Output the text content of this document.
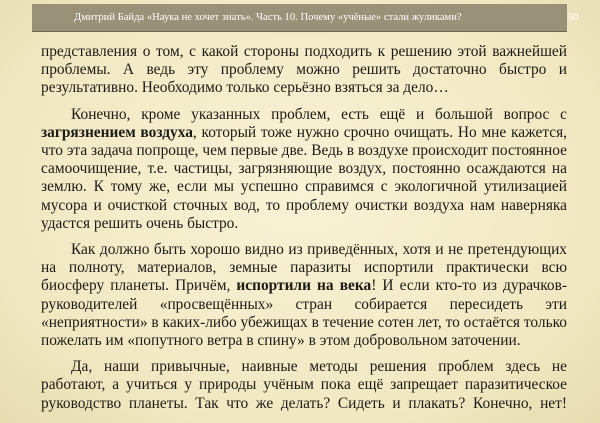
Дмитрий Байда «Наука не хочет знать». Часть 10. Почему «учёные» стали жуликами?	50
представления о том, с какой стороны подходить к решению этой важнейшей
проблемы. А ведь эту проблему можно решить достаточно быстро и
результативно. Необходимо только серьёзно взяться за дело…
Конечно, кроме указанных проблем, есть ещё и большой вопрос с
загрязнением воздуха, который тоже нужно срочно очищать. Но мне кажется,
что эта задача попроще, чем первые две. Ведь в воздухе происходит постоянное
самоочищение, т.е. частицы, загрязняющие воздух, постоянно осаждаются на
землю. К тому же, если мы успешно справимся с экологичной утилизацией
мусора и очисткой сточных вод, то проблему очистки воздуха нам наверняка
удастся решить очень быстро.
Как должно быть хорошо видно из приведённых, хотя и не претендующих
на полноту, материалов, земные паразиты испортили практически всю
биосферу планеты. Причём, испортили на века! И если кто-то из дурачков-
руководителей «просвещённых» стран собирается пересидеть эти
«неприятности» в каких-либо убежищах в течение сотен лет, то остаётся только
пожелать им «попутного ветра в спину» в этом добровольном заточении.
Да, наши привычные, наивные методы решения проблем здесь не
работают, а учиться у природы учёным пока ещё запрещает паразитическое
руководство планеты. Так что же делать? Сидеть и плакать? Конечно, нет!
